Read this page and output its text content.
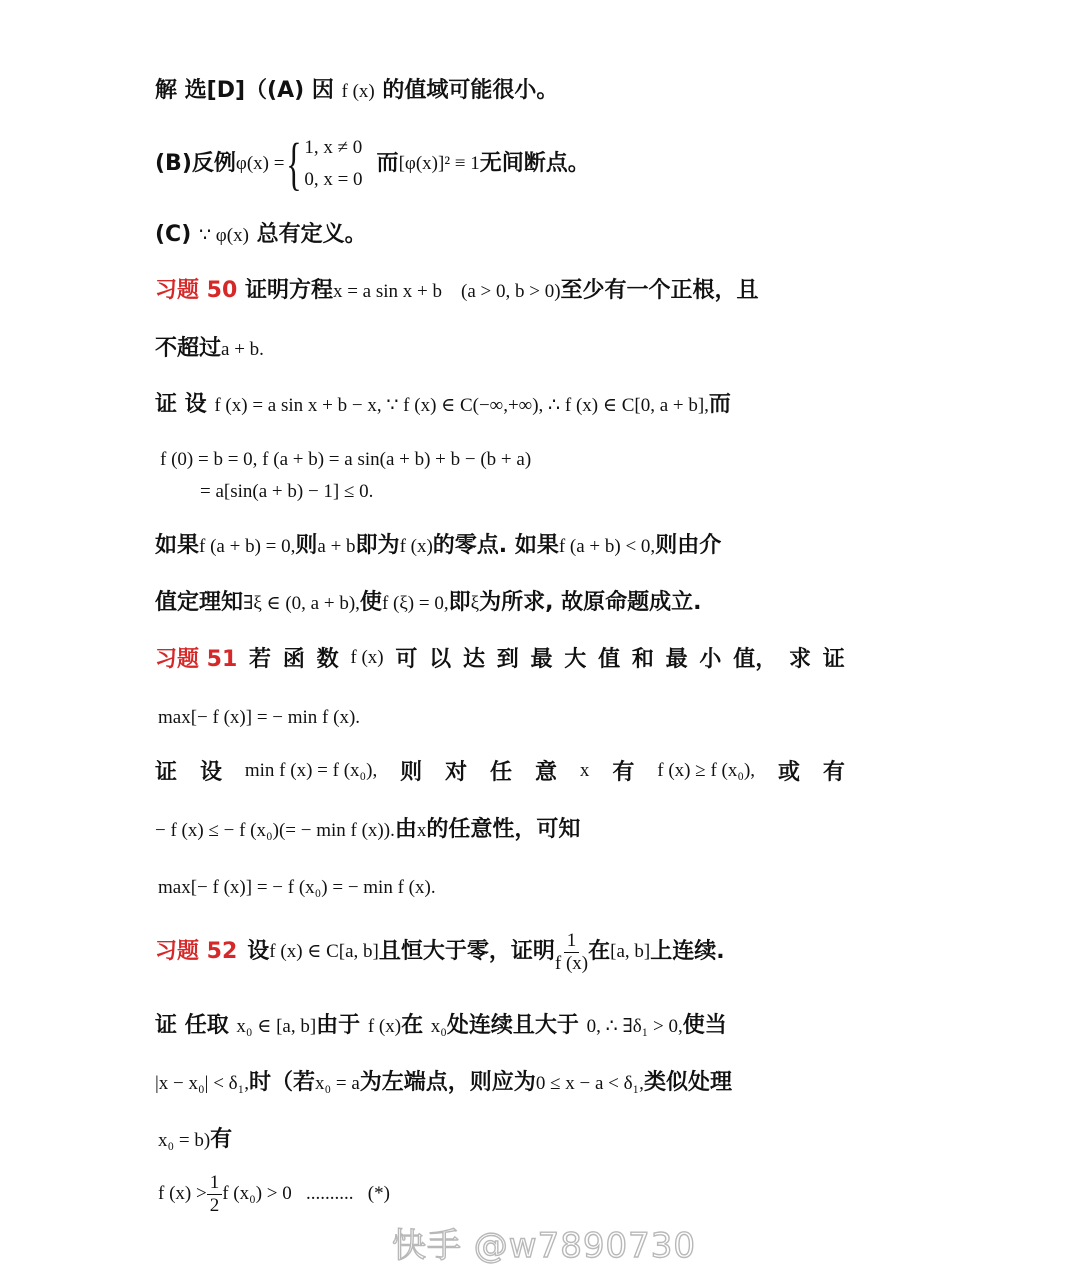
解 选[D]（(A) 因 f (x) 的值域可能很小。
(B)反例 φ(x) = { 1, x ≠ 0
0, x = 0
而 [φ(x)]² ≡ 1 无间断点。
(C) ∵ φ(x) 总有定义。
习题 50 证明方程x = a sin x + b    (a > 0, b > 0)至少有一个正根，且
不超过a + b.
证 设 f (x) = a sin x + b − x, ∵ f (x) ∈ C(−∞,+∞), ∴ f (x) ∈ C[0, a + b],而
f (0) = b = 0, f (a + b) = a sin(a + b) + b − (b + a)
= a[sin(a + b) − 1] ≤ 0.
如果f (a + b) = 0,则a + b即为f (x)的零点. 如果f (a + b) < 0,则由介
值定理知∃ξ ∈ (0, a + b),使f (ξ) = 0,即ξ为所求, 故原命题成立.
习题 51 若 函 数 f (x) 可 以 达 到 最 大 值 和 最 小 值， 求 证
max[− f (x)] = − min f (x).
证 设 min f (x) = f (x₀), 则 对 任 意 x 有 f (x) ≥ f (x₀), 或 有
− f (x) ≤ − f (x₀)(= − min f (x)).由x的任意性，可知
max[− f (x)] = − f (x₀) = − min f (x).
习题 52 设 f (x) ∈ C[a, b] 且恒大于零，证明 $\frac{1}{f (x)}$ 在 [a, b] 上连续.
证 任取 x₀ ∈ [a, b]由于 f (x)在 x₀处连续且大于 0, ∴ ∃δ₁ > 0,使当
|x − x₀| < δ₁,时（若x₀ = a为左端点，则应为0 ≤ x − a < δ₁,类似处理
x₀ = b)有
f $(x) > \frac{1}{2}$ f (x₀) > 0   ..........   (*)
快手 @w7890730
